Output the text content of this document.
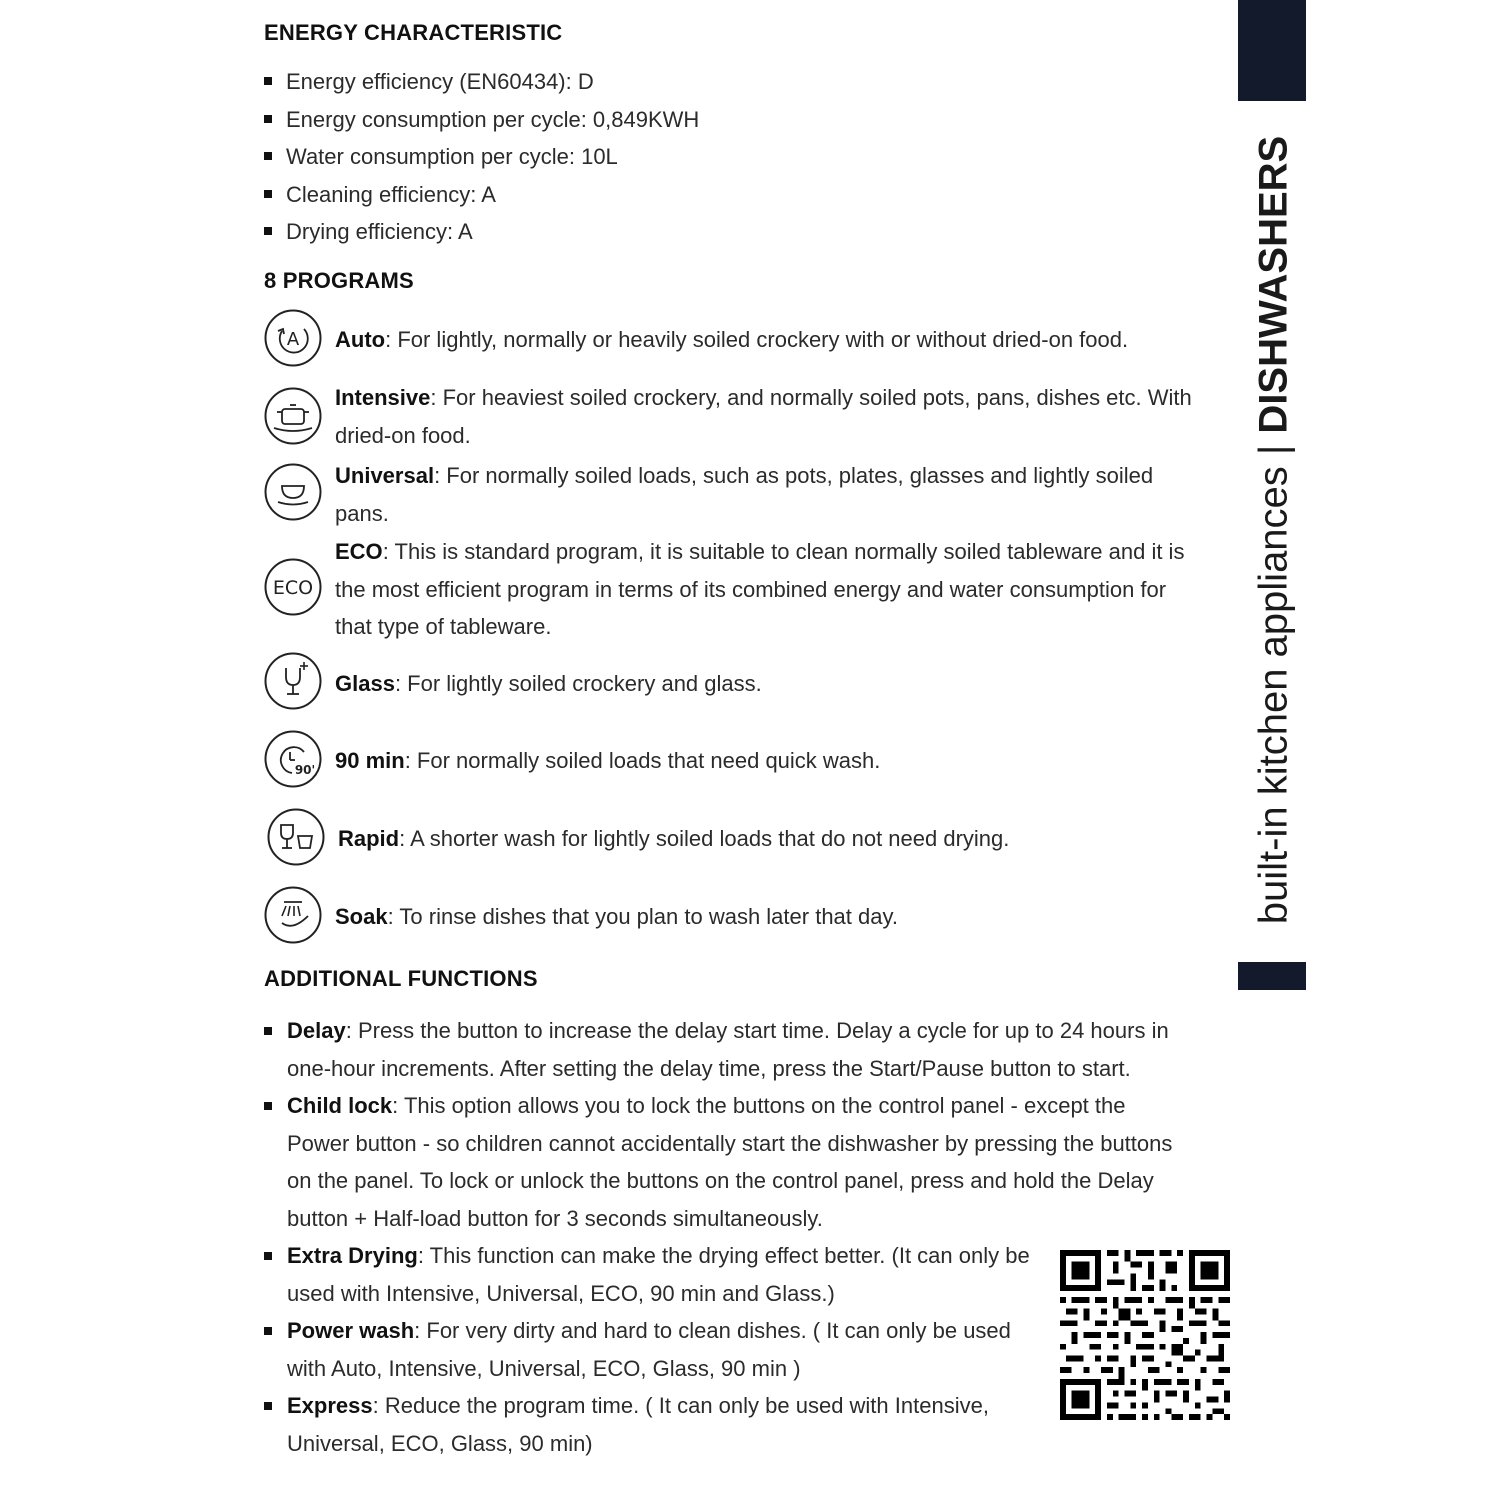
ENERGY CHARACTERISTIC
Energy efficiency (EN60434): D
Energy consumption per cycle: 0,849KWH
Water consumption per cycle: 10L
Cleaning efficiency: A
Drying efficiency: A
8 PROGRAMS
A Auto: For lightly, normally or heavily soiled crockery with or without dried-on food.
Intensive: For heaviest soiled crockery, and normally soiled pots, pans, dishes etc. With dried-on food.
Universal: For normally soiled loads, such as pots, plates, glasses and lightly soiled pans.
ECO
ECO: This is standard program, it is suitable to clean normally soiled tableware and it is the most efficient program in terms of its combined energy and water consumption for that type of tableware.
Glass: For lightly soiled crockery and glass.
90' 90 min: For normally soiled loads that need quick wash.
Rapid: A shorter wash for lightly soiled loads that do not need drying.
Soak: To rinse dishes that you plan to wash later that day.
ADDITIONAL FUNCTIONS
Delay: Press the button to increase the delay start time. Delay a cycle for up to 24 hours in one-hour increments. After setting the delay time, press the Start/Pause button to start.
Child lock: This option allows you to lock the buttons on the control panel - except the Power button - so children cannot accidentally start the dishwasher by pressing the buttons on the panel. To lock or unlock the buttons on the control panel, press and hold the Delay button + Half-load button for 3 seconds simultaneously.
Extra Drying: This function can make the drying effect better. (It can only be used with Intensive, Universal, ECO, 90 min and Glass.)
Power wash: For very dirty and hard to clean dishes. ( It can only be used with Auto, Intensive, Universal, ECO, Glass, 90 min )
Express: Reduce the program time. ( It can only be used with Intensive, Universal, ECO, Glass, 90 min)
built-in kitchen appliances | DISHWASHERS
